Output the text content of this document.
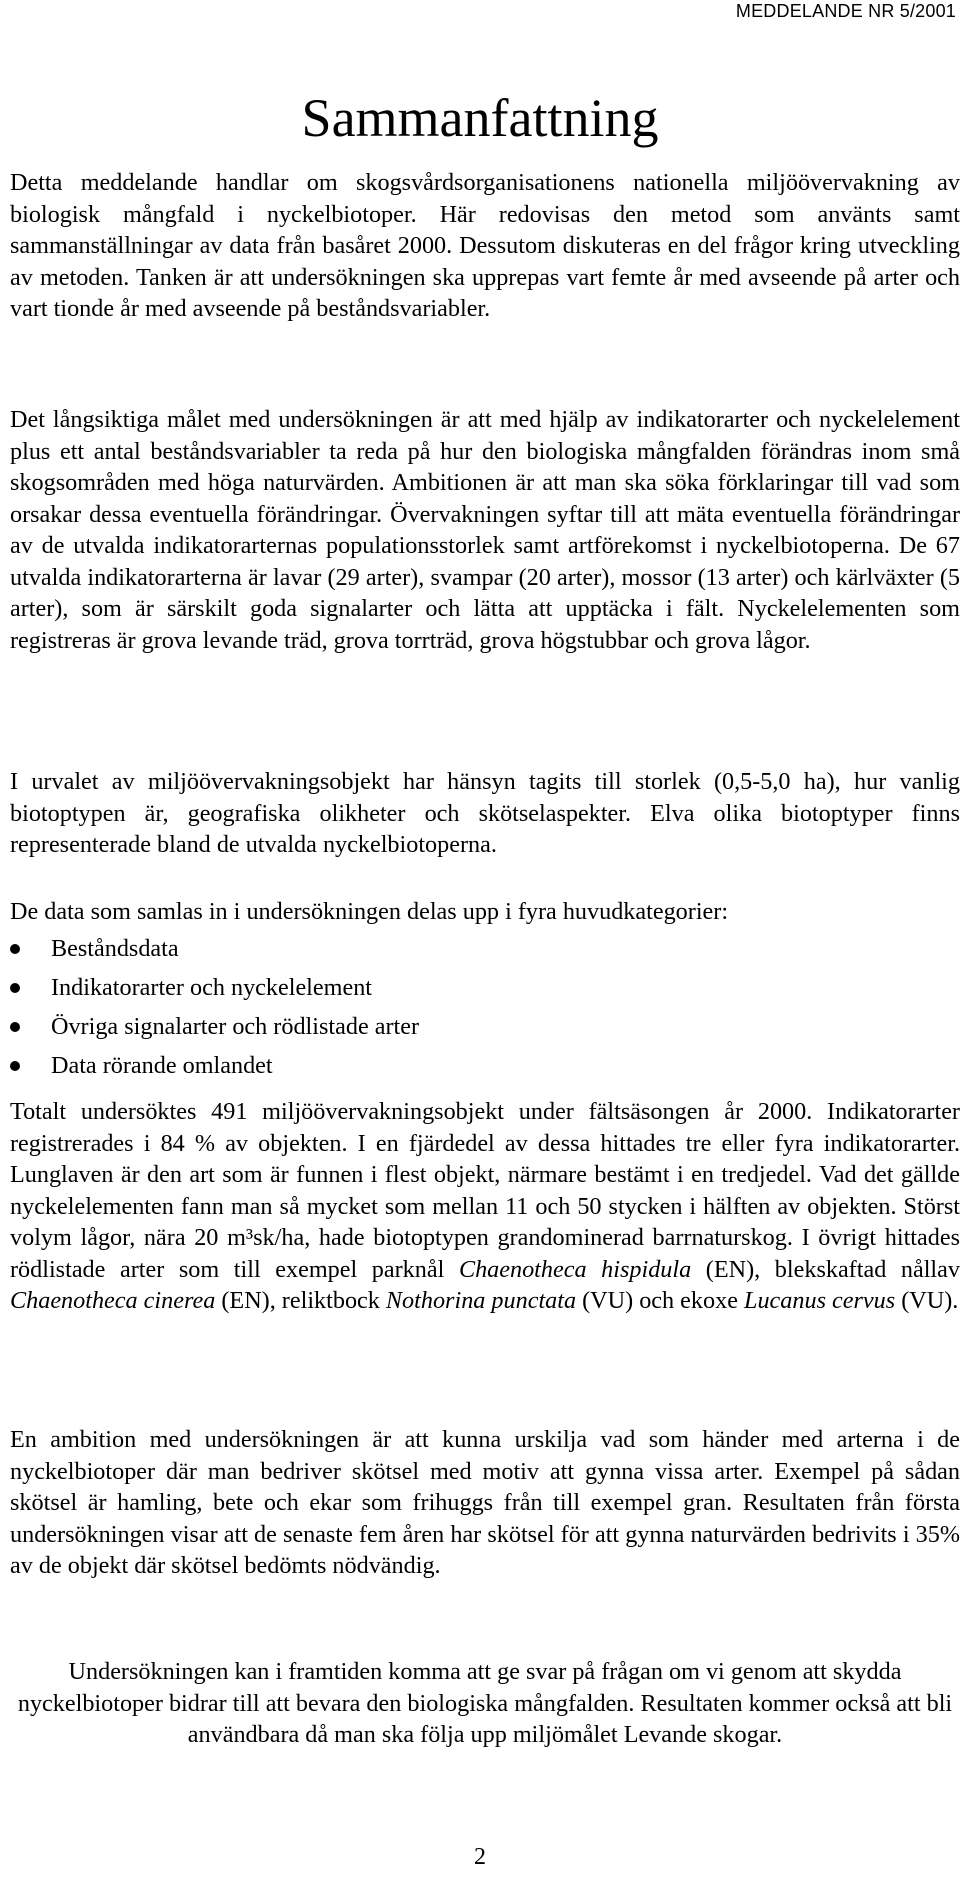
MEDDELANDE NR 5/2001
Sammanfattning

Detta meddelande handlar om skogsvårdsorganisationens nationella miljöövervakning av biologisk mångfald i nyckelbiotoper. Här redovisas den metod som använts samt sammanställningar av data från basåret 2000. Dessutom diskuteras en del frågor kring utveckling av metoden. Tanken är att undersökningen ska upprepas vart femte år med avseende på arter och vart tionde år med avseende på beståndsvariabler.

Det långsiktiga målet med undersökningen är att med hjälp av indikatorarter och nyckelelement plus ett antal beståndsvariabler ta reda på hur den biologiska mångfalden förändras inom små skogsområden med höga naturvärden. Ambitionen är att man ska söka förklaringar till vad som orsakar dessa eventuella förändringar. Övervakningen syftar till att mäta eventuella förändringar av de utvalda indikatorarternas populationsstorlek samt artförekomst i nyckelbiotoperna. De 67 utvalda indikatorarterna är lavar (29 arter), svampar (20 arter), mossor (13 arter) och kärlväxter (5 arter), som är särskilt goda signalarter och lätta att upptäcka i fält. Nyckelelementen som registreras är grova levande träd, grova torrträd, grova högstubbar och grova lågor.

I urvalet av miljöövervakningsobjekt har hänsyn tagits till storlek (0,5-5,0 ha), hur vanlig biotoptypen är, geografiska olikheter och skötselaspekter. Elva olika biotoptyper finns representerade bland de utvalda nyckelbiotoperna.

De data som samlas in i undersökningen delas upp i fyra huvudkategorier:

Beståndsdata
Indikatorarter och nyckelelement
Övriga signalarter och rödlistade arter
Data rörande omlandet

Totalt undersöktes 491 miljöövervakningsobjekt under fältsäsongen år 2000. Indikatorarter registrerades i 84 % av objekten. I en fjärdedel av dessa hittades tre eller fyra indikatorarter. Lunglaven är den art som är funnen i flest objekt, närmare bestämt i en tredjedel. Vad det gällde nyckelelementen fann man så mycket som mellan 11 och 50 stycken i hälften av objekten. Störst volym lågor, nära 20 m³sk/ha, hade biotoptypen grandominerad barrnaturskog. I övrigt hittades rödlistade arter som till exempel parknål Chaenotheca hispidula (EN), blekskaftad nållav Chaenotheca cinerea (EN), reliktbock Nothorina punctata (VU) och ekoxe Lucanus cervus (VU).

En ambition med undersökningen är att kunna urskilja vad som händer med arterna i de nyckelbiotoper där man bedriver skötsel med motiv att gynna vissa arter. Exempel på sådan skötsel är hamling, bete och ekar som frihuggs från till exempel gran. Resultaten från första undersökningen visar att de senaste fem åren har skötsel för att gynna naturvärden bedrivits i 35% av de objekt där skötsel bedömts nödvändig.

Undersökningen kan i framtiden komma att ge svar på frågan om vi genom att skydda nyckelbiotoper bidrar till att bevara den biologiska mångfalden. Resultaten kommer också att bli användbara då man ska följa upp miljömålet Levande skogar.

2
